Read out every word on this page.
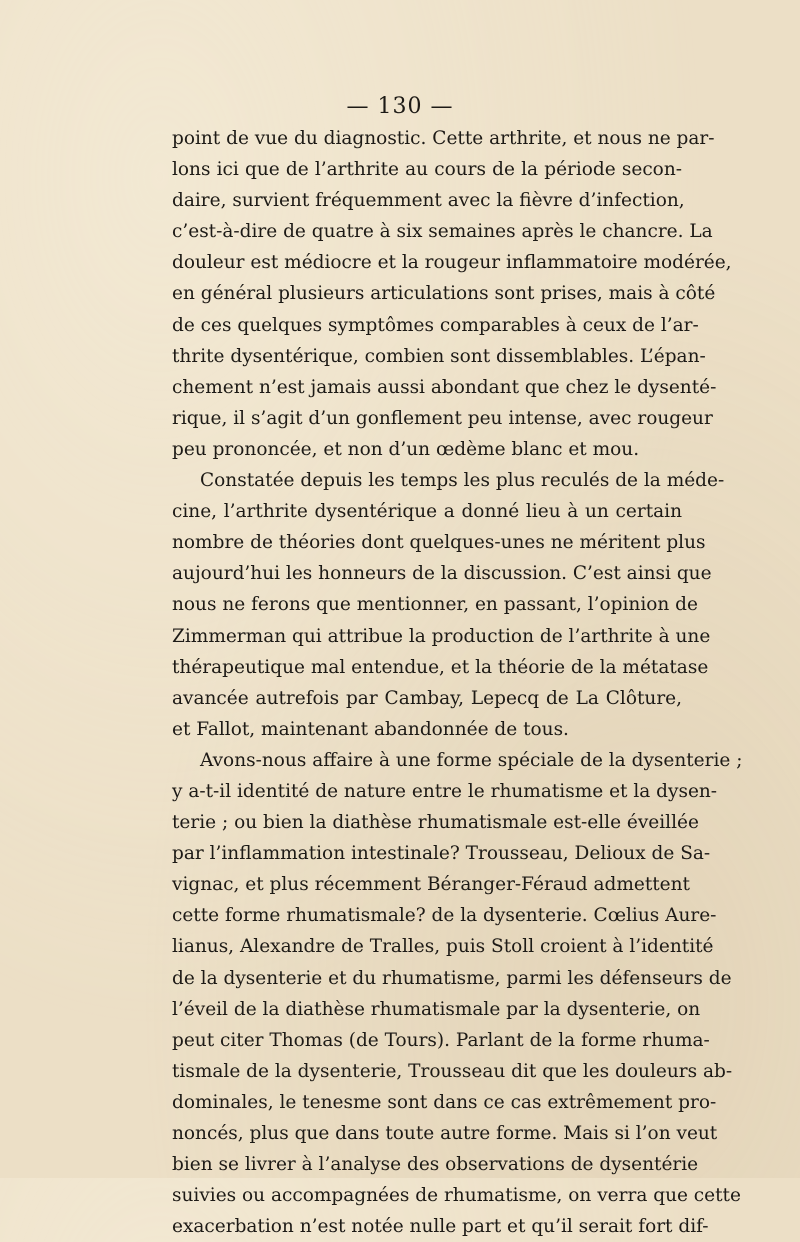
— 130 —
point de vue du diagnostic. Cette arthrite, et nous ne par-
lons ici que de l’arthrite au cours de la période secon-
daire, survient fréquemment avec la fièvre d’infection,
c’est-à-dire de quatre à six semaines après le chancre. La
douleur est médiocre et la rougeur inflammatoire modérée,
en général plusieurs articulations sont prises, mais à côté
de ces quelques symptômes comparables à ceux de l’ar-
thrite dysentérique, combien sont dissemblables. L’épan-
chement n’est jamais aussi abondant que chez le dysenté-
rique, il s’agit d’un gonflement peu intense, avec rougeur
peu prononcée, et non d’un œdème blanc et mou.
Constatée depuis les temps les plus reculés de la méde-
cine, l’arthrite dysentérique a donné lieu à un certain
nombre de théories dont quelques-unes ne méritent plus
aujourd’hui les honneurs de la discussion. C’est ainsi que
nous ne ferons que mentionner, en passant, l’opinion de
Zimmerman qui attribue la production de l’arthrite à une
thérapeutique mal entendue, et la théorie de la métatase
avancée autrefois par Cambay, Lepecq de La Clôture,
et Fallot, maintenant abandonnée de tous.
Avons-nous affaire à une forme spéciale de la dysenterie ;
y a-t-il identité de nature entre le rhumatisme et la dysen-
terie ; ou bien la diathèse rhumatismale est-elle éveillée
par l’inflammation intestinale? Trousseau, Delioux de Sa-
vignac, et plus récemment Béranger-Féraud admettent
cette forme rhumatismale? de la dysenterie. Cœlius Aure-
lianus, Alexandre de Tralles, puis Stoll croient à l’identité
de la dysenterie et du rhumatisme, parmi les défenseurs de
l’éveil de la diathèse rhumatismale par la dysenterie, on
peut citer Thomas (de Tours). Parlant de la forme rhuma-
tismale de la dysenterie, Trousseau dit que les douleurs ab-
dominales, le tenesme sont dans ce cas extrêmement pro-
noncés, plus que dans toute autre forme. Mais si l’on veut
bien se livrer à l’analyse des observations de dysentérie
suivies ou accompagnées de rhumatisme, on verra que cette
exacerbation n’est notée nulle part et qu’il serait fort dif-
